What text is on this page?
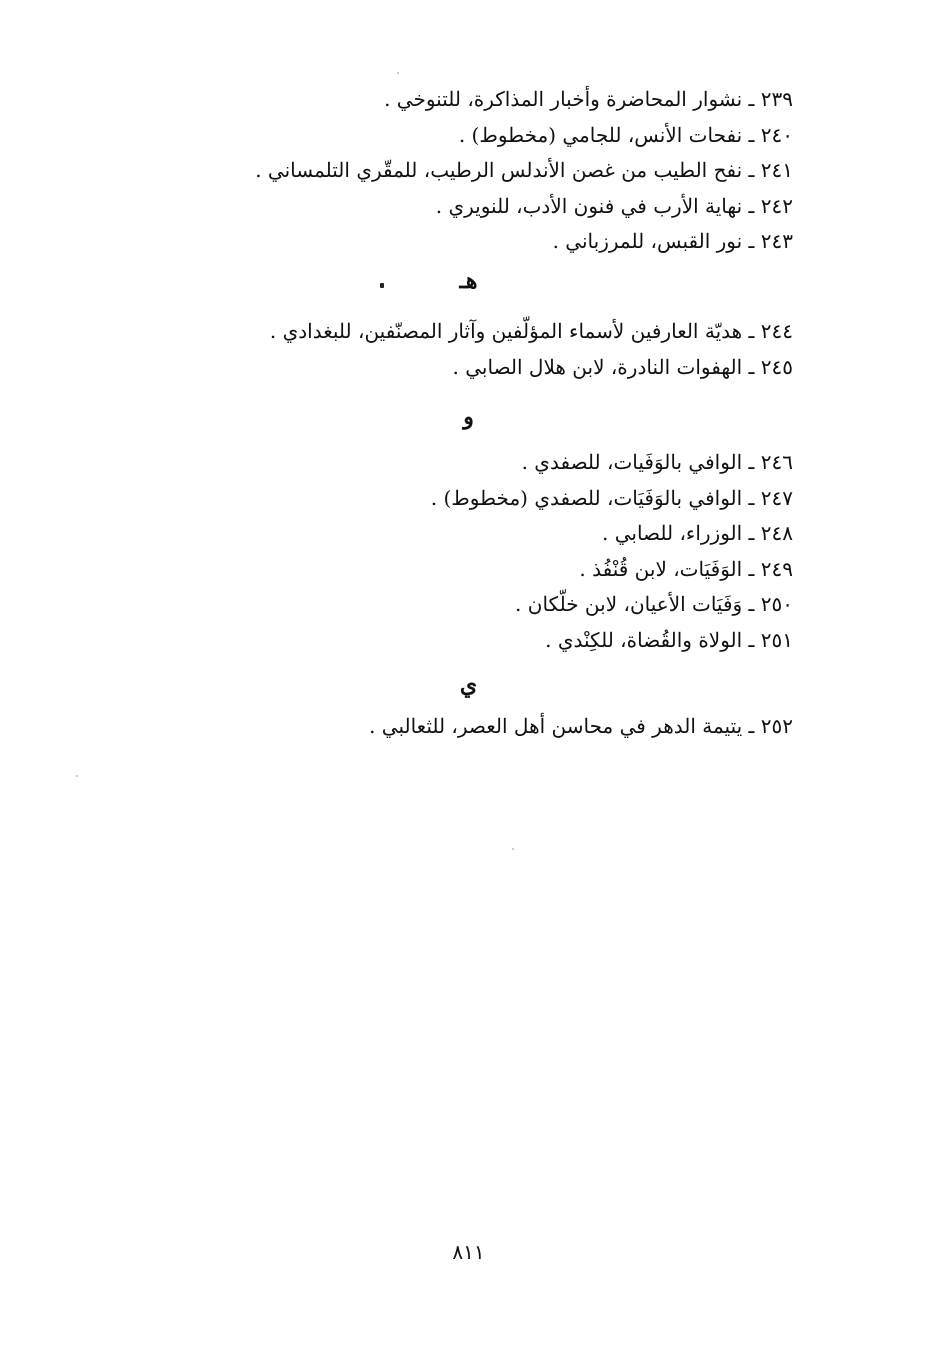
٢٣٩ ـ نشوار المحاضرة وأخبار المذاكرة، للتنوخي .
٢٤٠ ـ نفحات الأنس، للجامي (مخطوط) .
٢٤١ ـ نفح الطيب من غصن الأندلس الرطيب، للمقّري التلمساني .
٢٤٢ ـ نهاية الأرب في فنون الأدب، للنويري .
٢٤٣ ـ نور القبس، للمرزباني .
هـ
٢٤٤ ـ هديّة العارفين لأسماء المؤلّفين وآثار المصنّفين، للبغدادي .
٢٤٥ ـ الهفوات النادرة، لابن هلال الصابي .
و
٢٤٦ ـ الوافي بالوَفَيات، للصفدي .
٢٤٧ ـ الوافي بالوَفَيَات، للصفدي (مخطوط) .
٢٤٨ ـ الوزراء، للصابي .
٢٤٩ ـ الوَفَيَات، لابن قُنْفُذ .
٢٥٠ ـ وَفَيَات الأعيان، لابن خلّكان .
٢٥١ ـ الولاة والقُضاة، للكِنْدي .
ي
٢٥٢ ـ يتيمة الدهر في محاسن أهل العصر، للثعالبي .
٨١١
